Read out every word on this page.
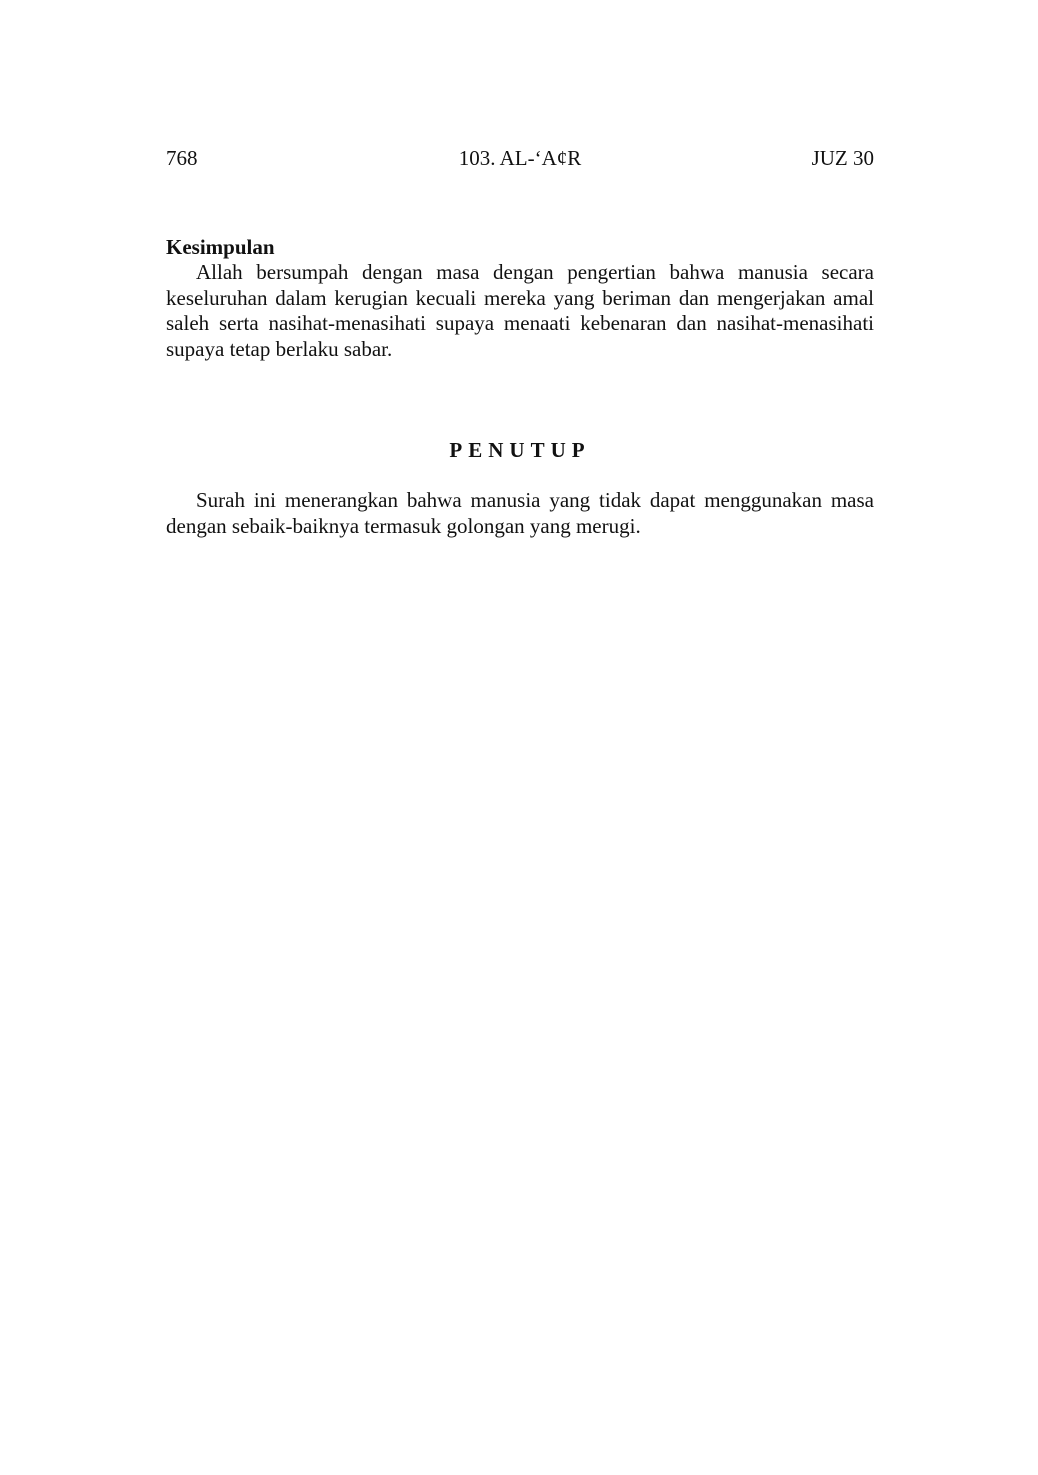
768	103. AL-‘A¢R	JUZ 30
Kesimpulan

Allah bersumpah dengan masa dengan pengertian bahwa manusia secara keseluruhan dalam kerugian kecuali mereka yang beriman dan mengerjakan amal saleh serta nasihat-menasihati supaya menaati kebenaran dan nasihat-menasihati supaya tetap berlaku sabar.

PENUTUP

Surah ini menerangkan bahwa manusia yang tidak dapat menggunakan masa dengan sebaik-baiknya termasuk golongan yang merugi.
